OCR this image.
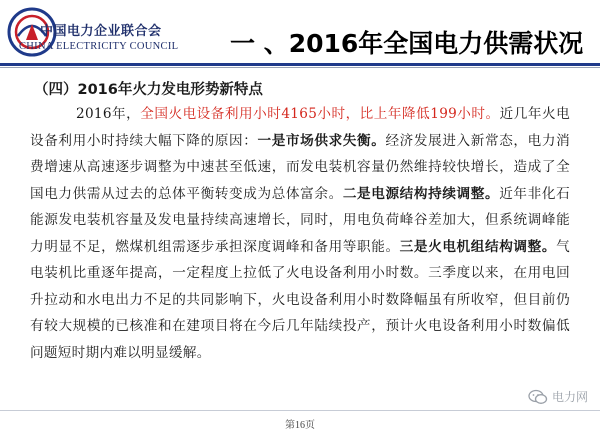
中国电力企业联合会
CHINA ELECTRICITY COUNCIL 一 、2016年全国电力供需状况
（四）2016年火力发电形势新特点

2016年，全国火电设备利用小时4165小时，比上年降低199小时。近几年火电设备利用小时持续大幅下降的原因：一是市场供求失衡。经济发展进入新常态，电力消费增速从高速逐步调整为中速甚至低速，而发电装机容量仍然维持较快增长，造成了全国电力供需从过去的总体平衡转变成为总体富余。二是电源结构持续调整。近年非化石能源发电装机容量及发电量持续高速增长，同时，用电负荷峰谷差加大，但系统调峰能力明显不足，燃煤机组需逐步承担深度调峰和备用等职能。三是火电机组结构调整。气电装机比重逐年提高，一定程度上拉低了火电设备利用小时数。三季度以来，在用电回升拉动和水电出力不足的共同影响下，火电设备利用小时数降幅虽有所收窄，但目前仍有较大规模的已核准和在建项目将在今后几年陆续投产，预计火电设备利用小时数偏低问题短时期内难以明显缓解。

电力网
第16页
